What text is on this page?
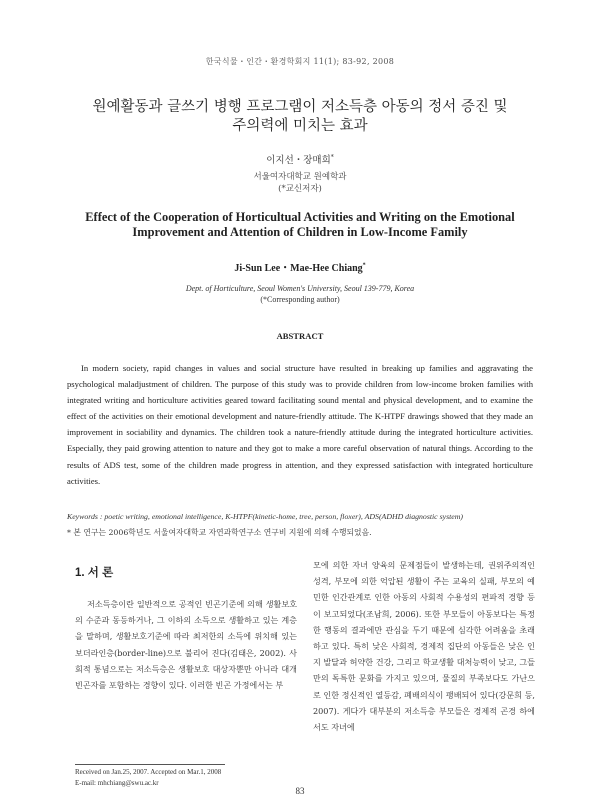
한국식물・인간・환경학회지 11(1); 83-92, 2008
원예활동과 글쓰기 병행 프로그램이 저소득층 아동의 정서 증진 및
주의력에 미치는 효과
이지선・장매희*
서울여자대학교 원예학과
(*교신저자)
Effect of the Cooperation of Horticultual Activities and Writing on the Emotional
Improvement and Attention of Children in Low-Income Family
Ji-Sun Lee・Mae-Hee Chiang*
Dept. of Horticulture, Seoul Women's University, Seoul 139-779, Korea
(*Corresponding author)
ABSTRACT
In modern society, rapid changes in values and social structure have resulted in breaking up families and aggravating the psychological maladjustment of children. The purpose of this study was to provide children from low-income broken families with integrated writing and horticulture activities geared toward facilitating sound mental and physical development, and to examine the effect of the activities on their emotional development and nature-friendly attitude. The K-HTPF drawings showed that they made an improvement in sociability and dynamics. The children took a nature-friendly attitude during the integrated horticulture activities. Especially, they paid growing attention to nature and they got to make a more careful observation of natural things. According to the results of ADS test, some of the children made progress in attention, and they expressed satisfaction with integrated horticulture activities.
Keywords : poetic writing, emotional intelligence, K-HTPF(kinetic-home, tree, person, floxer), ADS(ADHD diagnostic system)
* 본 연구는 2006학년도 서울여자대학교 자연과학연구소 연구비 지원에 의해 수행되었음.
1. 서 론
저소득층이란 일반적으로 공적인 빈곤기준에 의해 생활보호의 수준과 동등하거나, 그 이하의 소득으로 생활하고 있는 계층을 말하며, 생활보호기준에 따라 최저한의 소득에 위치해 있는 보더라인층(border-line)으로 불리어 진다(김태은, 2002). 사회적 통념으로는 저소득층은 생활보호 대상자뿐만 아니라 대개 빈곤자를 포함하는 경향이 있다. 이러한 빈곤 가정에서는 부
모에 의한 자녀 양육의 문제점들이 발생하는데, 권위주의적인 성격, 부모에 의한 억압된 생활이 주는 교육의 실패, 부모의 예민한 인간관계로 인한 아동의 사회적 수용성의 편파적 경향 등이 보고되었다(조남희, 2006). 또한 부모들이 아동보다는 특정한 행동의 결과에만 관심을 두기 때문에 심각한 어려움을 초래하고 있다. 특히 낮은 사회적, 경제적 집단의 아동들은 낮은 인지 발달과 허약한 건강, 그리고 학교생활 대처능력이 낮고, 그들만의 독특한 문화를 가지고 있으며, 물질의 부족보다도 가난으로 인한 정신적인 열등감, 폐배의식이 팽배되어 있다(강문희 등, 2007). 게다가 대부분의 저소득층 부모들은 경제적 곤경 하에서도 자녀에
Received on Jan.25, 2007. Accepted on Mar.1, 2008
E-mail: mhchiang@swu.ac.kr
83
